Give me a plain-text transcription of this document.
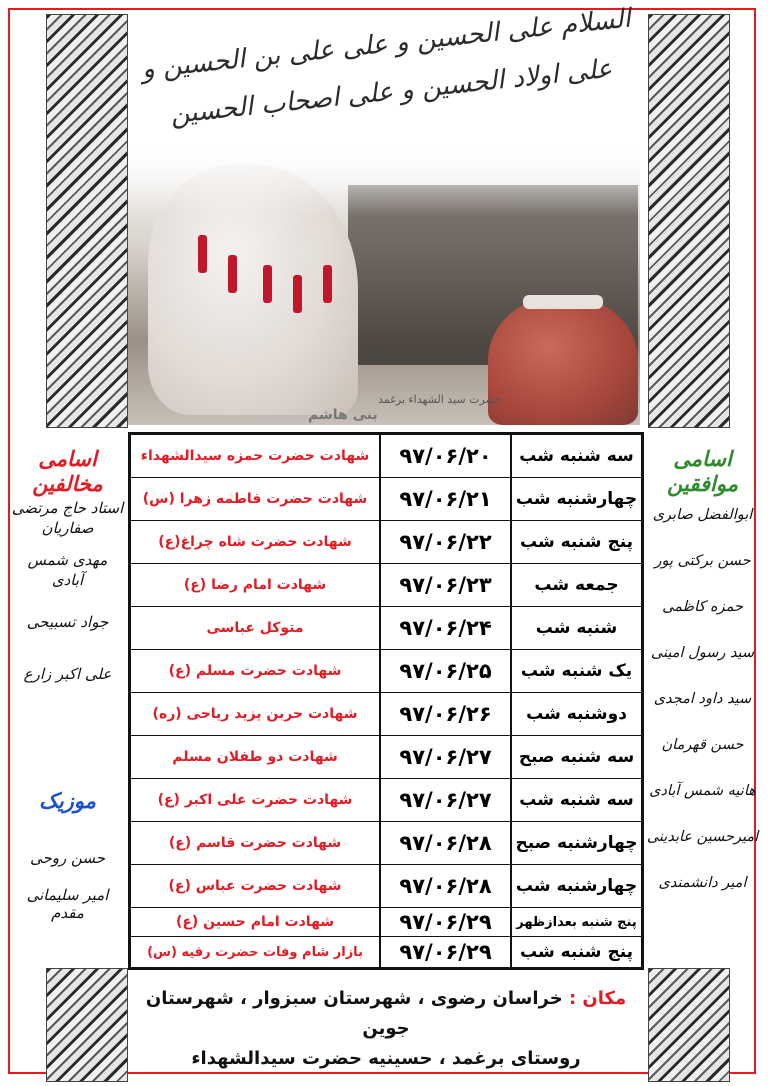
السلام علی الحسین و علی علی بن الحسین و علی اولاد الحسین و علی اصحاب الحسین
حضرت سید الشهداء برغمد
بنی هاشم
اسامی مخالفین
استاد حاج مرتضی صفاریان
مهدی شمس آبادی
جواد تسبیحی
علی اکبر زارع
موزیک
حسن روحی
امیر سلیمانی مقدم
اسامی موافقین
ابوالفضل صابری
حسن برکتی پور
حمزه کاظمی
سید رسول امینی
سید داود امجدی
حسن قهرمان
هانیه شمس آبادی
امیرحسین عابدینی
امیر دانشمندی
سه شنبه شب
۹۷/۰۶/۲۰
شهادت حضرت حمزه سیدالشهداء
چهارشنبه شب
۹۷/۰۶/۲۱
شهادت حضرت فاطمه زهرا (س)
پنج شنبه شب
۹۷/۰۶/۲۲
شهادت حضرت شاه چراغ(ع)
جمعه شب
۹۷/۰۶/۲۳
شهادت امام رضا (ع)
شنبه شب
۹۷/۰۶/۲۴
متوکل عباسی
یک شنبه شب
۹۷/۰۶/۲۵
شهادت حضرت مسلم (ع)
دوشنبه شب
۹۷/۰۶/۲۶
شهادت حربن یزید ریاحی (ره)
سه شنبه صبح
۹۷/۰۶/۲۷
شهادت دو طفلان مسلم
سه شنبه شب
۹۷/۰۶/۲۷
شهادت حضرت علی اکبر (ع)
چهارشنبه صبح
۹۷/۰۶/۲۸
شهادت حضرت قاسم (ع)
چهارشنبه شب
۹۷/۰۶/۲۸
شهادت حضرت عباس (ع)
پنج شنبه بعدازظهر
۹۷/۰۶/۲۹
شهادت امام حسین (ع)
پنج شنبه شب
۹۷/۰۶/۲۹
بازار شام وفات حضرت رقیه (س)
مکان : خراسان رضوی ، شهرستان سبزوار ، شهرستان جوین
روستای برغمد ، حسینیه حضرت سیدالشهداء
